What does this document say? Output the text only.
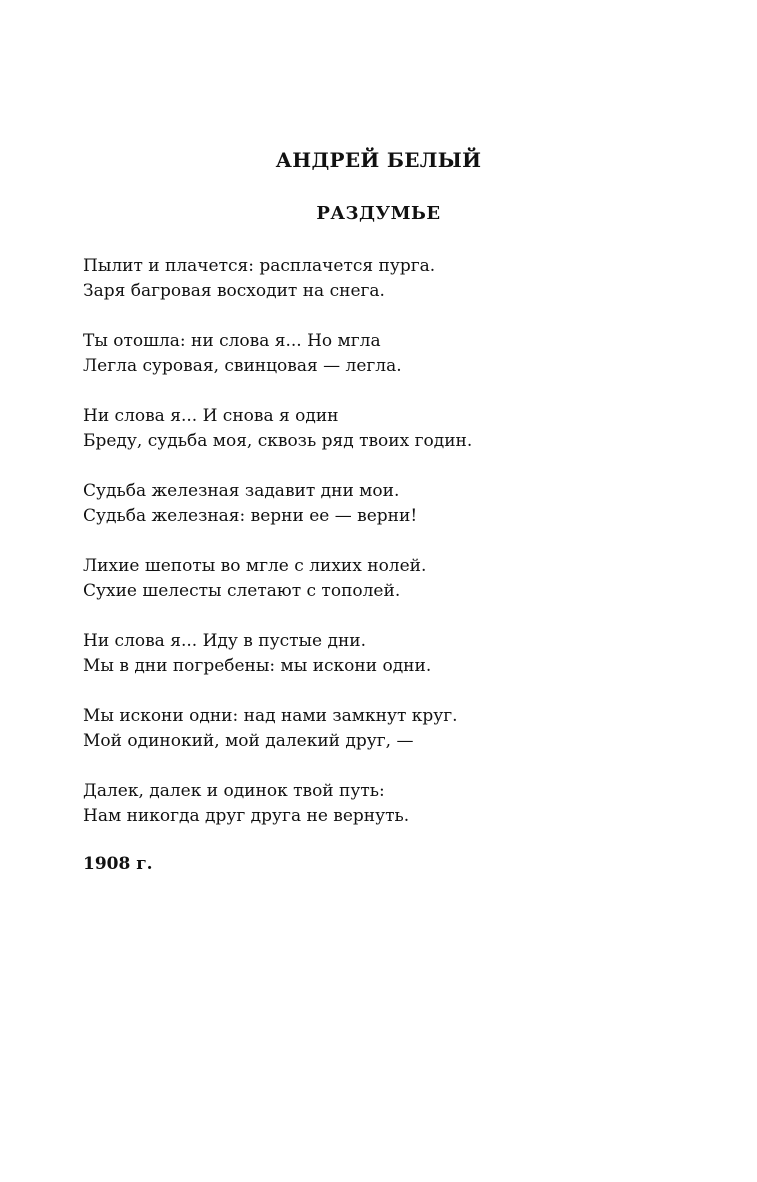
АНДРЕЙ БЕЛЫЙ
РАЗДУМЬЕ
Пылит и плачется: расплачется пурга.
Заря багровая восходит на снега.
Ты отошла: ни слова я... Но мгла
Легла суровая, свинцовая — легла.
Ни слова я... И снова я один
Бреду, судьба моя, сквозь ряд твоих годин.
Судьба железная задавит дни мои.
Судьба железная: верни ее — верни!
Лихие шепоты во мгле с лихих нолей.
Сухие шелесты слетают с тополей.
Ни слова я... Иду в пустые дни.
Мы в дни погребены: мы искони одни.
Мы искони одни: над нами замкнут круг.
Мой одинокий, мой далекий друг, —
Далек, далек и одинок твой путь:
Нам никогда друг друга не вернуть.
1908 г.
